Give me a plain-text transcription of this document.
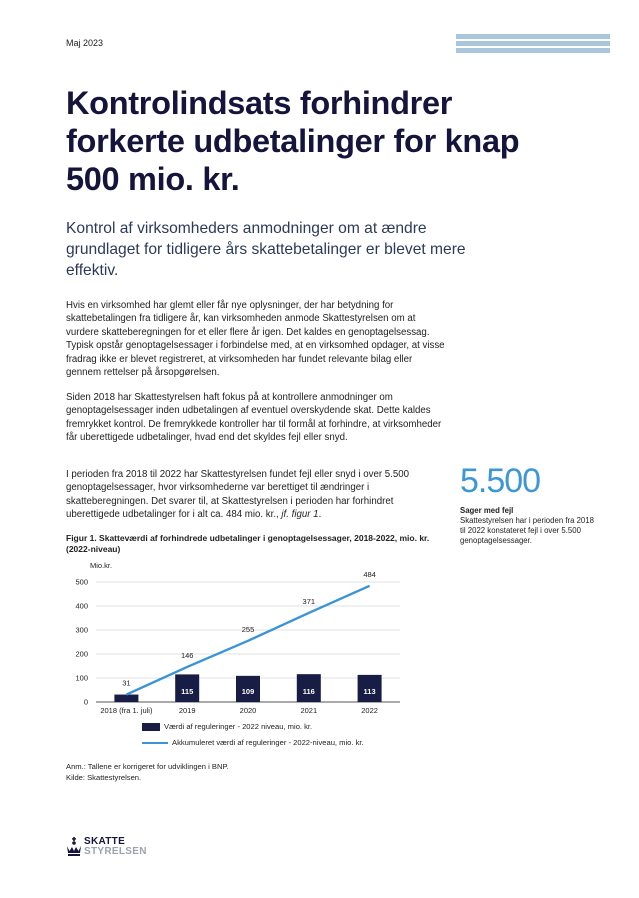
Maj 2023
Kontrolindsats forhindrer forkerte udbetalinger for knap 500 mio. kr.
Kontrol af virksomheders anmodninger om at ændre grundlaget for tidligere års skattebetalinger er blevet mere effektiv.
Hvis en virksomhed har glemt eller får nye oplysninger, der har betydning for skattebetalingen fra tidligere år, kan virksomheden anmode Skattestyrelsen om at vurdere skatteberegningen for et eller flere år igen. Det kaldes en genoptagelsessag. Typisk opstår genoptagelsessager i forbindelse med, at en virksomhed opdager, at visse fradrag ikke er blevet registreret, at virksomheden har fundet relevante bilag eller gennem rettelser på årsopgørelsen.
Siden 2018 har Skattestyrelsen haft fokus på at kontrollere anmodninger om genoptagelsessager inden udbetalingen af eventuel overskydende skat. Dette kaldes fremrykket kontrol. De fremrykkede kontroller har til formål at forhindre, at virksomheder får uberettigede udbetalinger, hvad end det skyldes fejl eller snyd.
I perioden fra 2018 til 2022 har Skattestyrelsen fundet fejl eller snyd i over 5.500 genoptagelsessager, hvor virksomhederne var berettiget til ændringer i skatteberegningen. Det svarer til, at Skattestyrelsen i perioden har forhindret uberettigede udbetalinger for i alt ca. 484 mio. kr., jf. figur 1.
5.500
Sager med fejl
Skattestyrelsen har i perioden fra 2018 til 2022 konstateret fejl i over 5.500 genoptagelsessager.
Figur 1. Skatteværdi af forhindrede udbetalinger i genoptagelsessager, 2018-2022, mio. kr. (2022-niveau)
Mio.kr.
0
100
200
300
400
500
115	109	116	113
2018 (fra 1. juli)	2019	2020	2021	2022
31
146
255
371
484
Værdi af reguleringer - 2022 niveau, mio. kr.
Akkumuleret værdi af reguleringer - 2022-niveau, mio. kr.
Anm.: Tallene er korrigeret for udviklingen i BNP.
Kilde: Skattestyrelsen.
SKATTE
STYRELSEN
